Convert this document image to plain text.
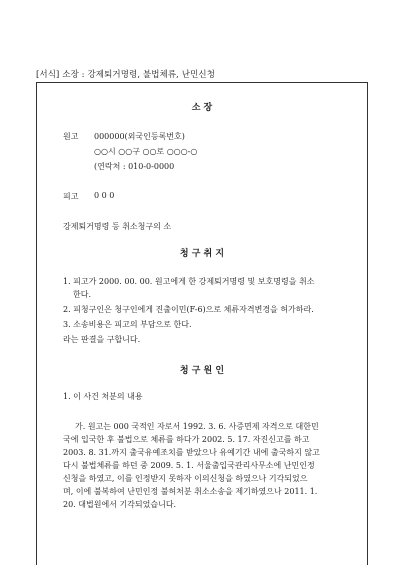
[서식] 소장 : 강제퇴거명령, 불법체류, 난민신청
소 장
원고 000000(외국인등록번호)
○○시 ○○구 ○○로 ○○○-○
(연락처 : 010-0-0000
피고 0 0 0
강제퇴거명령 등 취소청구의 소
청 구 취 지
1. 피고가 2000. 00. 00. 원고에게 한 강제퇴거명령 및 보호명령을 취소
한다.
2. 피청구인은 청구인에게 진출이민(F-6)으로 체류자격변경을 허가하라.
3. 소송비용은 피고의 부담으로 한다.
라는 판결을 구합니다.
청 구 원 인
1. 이 사건 처분의 내용
가. 원고는 000 국적인 자로서 1992. 3. 6. 사증면제 자격으로 대한민
국에 입국한 후 불법으로 체류를 하다가 2002. 5. 17. 자진신고를 하고
2003. 8. 31.까지 출국유예조치를 받았으나 유예기간 내에 출국하지 않고
다시 불법체류를 하던 중 2009. 5. 1. 서울출입국관리사무소에 난민인정
신청을 하였고, 이를 인정받지 못하자 이의신청을 하였으나 기각되었으
며, 이에 불복하여 난민인정 불허처분 취소소송을 제기하였으나 2011. 1.
20. 대법원에서 기각되었습니다.
